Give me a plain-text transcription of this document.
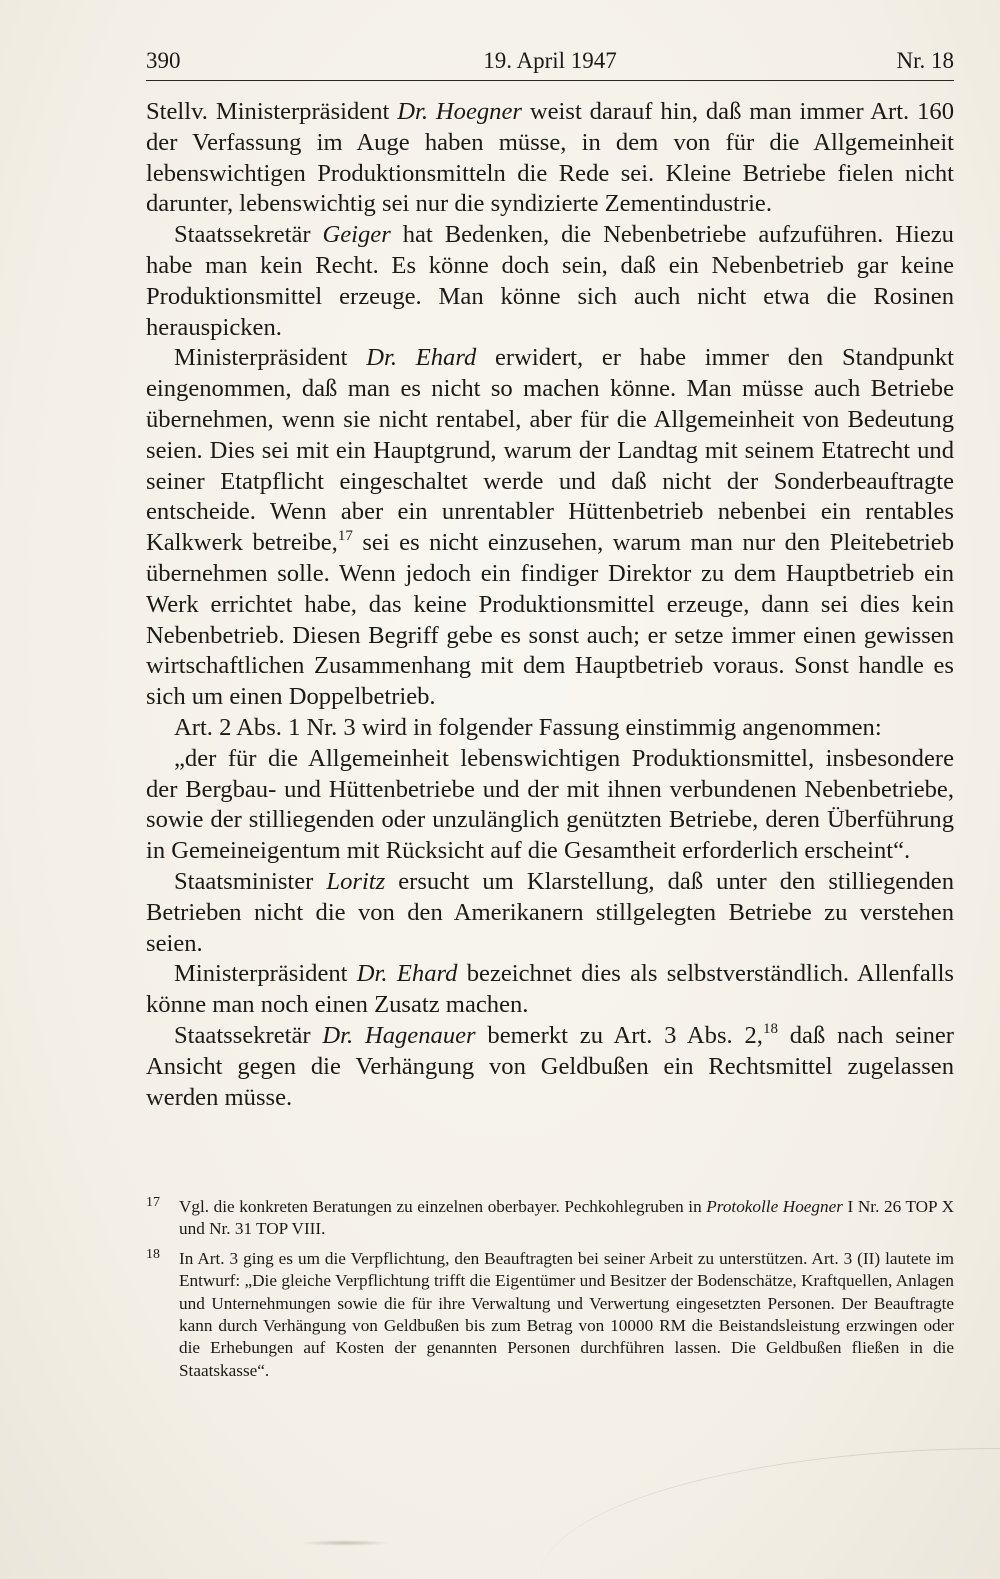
390	19. April 1947	Nr. 18

Stellv. Ministerpräsident Dr. Hoegner weist darauf hin, daß man immer Art. 160 der Verfassung im Auge haben müsse, in dem von für die Allgemeinheit lebenswichtigen Produktionsmitteln die Rede sei. Kleine Betriebe fielen nicht darunter, lebenswichtig sei nur die syndizierte Zementindustrie.

Staatssekretär Geiger hat Bedenken, die Nebenbetriebe aufzuführen. Hiezu habe man kein Recht. Es könne doch sein, daß ein Nebenbetrieb gar keine Produktionsmittel erzeuge. Man könne sich auch nicht etwa die Rosinen herauspicken.

Ministerpräsident Dr. Ehard erwidert, er habe immer den Standpunkt eingenommen, daß man es nicht so machen könne. Man müsse auch Betriebe übernehmen, wenn sie nicht rentabel, aber für die Allgemeinheit von Bedeutung seien. Dies sei mit ein Hauptgrund, warum der Landtag mit seinem Etatrecht und seiner Etatpflicht eingeschaltet werde und daß nicht der Sonderbeauftragte entscheide. Wenn aber ein unrentabler Hüttenbetrieb nebenbei ein rentables Kalkwerk betreibe,$^{17}$ sei es nicht einzusehen, warum man nur den Pleitebetrieb übernehmen solle. Wenn jedoch ein findiger Direktor zu dem Hauptbetrieb ein Werk errichtet habe, das keine Produktionsmittel erzeuge, dann sei dies kein Nebenbetrieb. Diesen Begriff gebe es sonst auch; er setze immer einen gewissen wirtschaftlichen Zusammenhang mit dem Hauptbetrieb voraus. Sonst handle es sich um einen Doppelbetrieb.

Art. 2 Abs. 1 Nr. 3 wird in folgender Fassung einstimmig angenommen:

„der für die Allgemeinheit lebenswichtigen Produktionsmittel, insbesondere der Bergbau- und Hüttenbetriebe und der mit ihnen verbundenen Nebenbetriebe, sowie der stilliegenden oder unzulänglich genützten Betriebe, deren Überführung in Gemeineigentum mit Rücksicht auf die Gesamtheit erforderlich erscheint“.

Staatsminister Loritz ersucht um Klarstellung, daß unter den stilliegenden Betrieben nicht die von den Amerikanern stillgelegten Betriebe zu verstehen seien.

Ministerpräsident Dr. Ehard bezeichnet dies als selbstverständlich. Allenfalls könne man noch einen Zusatz machen.

Staatssekretär Dr. Hagenauer bemerkt zu Art. 3 Abs. 2,18 daß nach seiner Ansicht gegen die Verhängung von Geldbußen ein Rechtsmittel zugelassen werden müsse.

17 Vgl. die konkreten Beratungen zu einzelnen oberbayer. Pechkohlegruben in Protokolle Hoegner I Nr. 26 TOP X und Nr. 31 TOP VIII.
18 In Art. 3 ging es um die Verpflichtung, den Beauftragten bei seiner Arbeit zu unterstützen. Art. 3 (II) lautete im Entwurf: „Die gleiche Verpflichtung trifft die Eigentümer und Besitzer der Bodenschätze, Kraftquellen, Anlagen und Unternehmungen sowie die für ihre Verwaltung und Verwertung eingesetzten Personen. Der Beauftragte kann durch Verhängung von Geldbußen bis zum Betrag von 10000 RM die Beistandsleistung erzwingen oder die Erhebungen auf Kosten der genannten Personen durchführen lassen. Die Geldbußen fließen in die Staatskasse“.
